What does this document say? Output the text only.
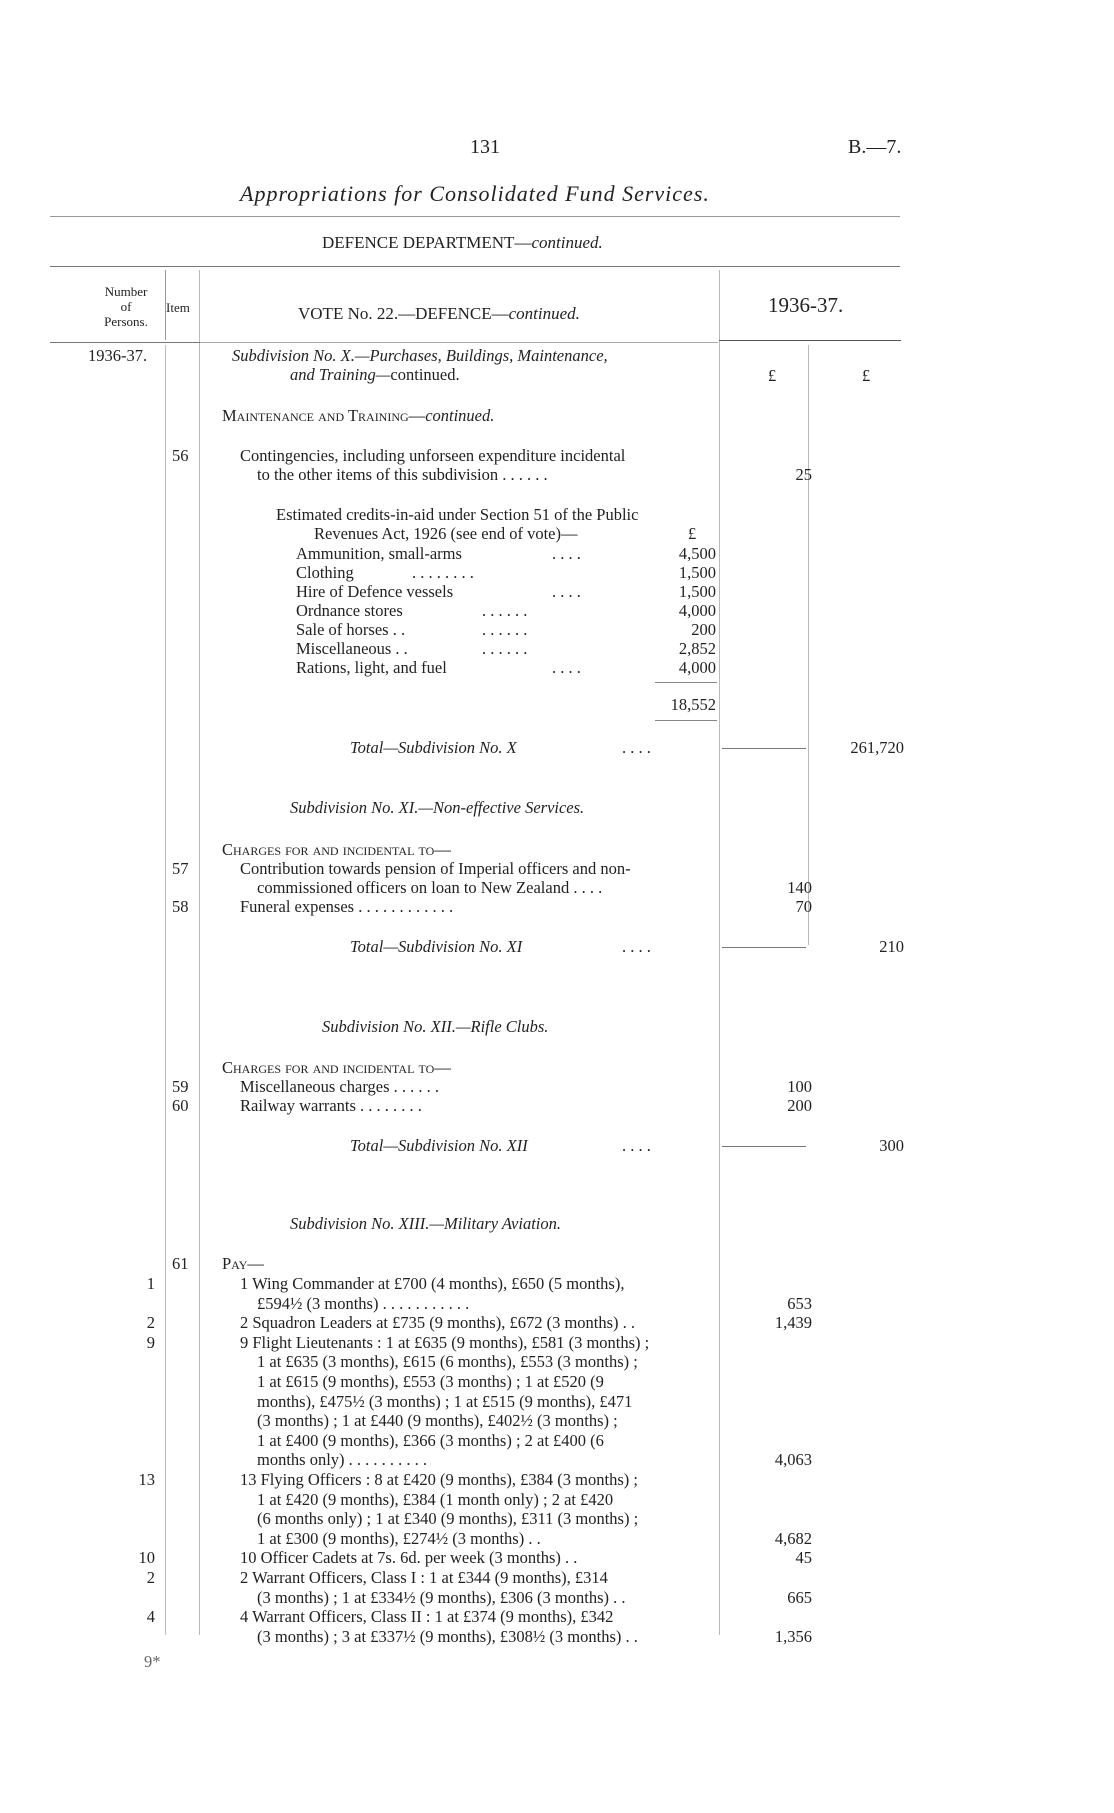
131	B.—7.
Appropriations for Consolidated Fund Services.
DEFENCE DEPARTMENT—continued.
Number
of
Persons.
Item	VOTE No. 22.—DEFENCE—continued.	1936-37.
1936-37.
£	£
Subdivision No. X.—Purchases, Buildings, Maintenance,
and Training—continued.
Maintenance and Training—continued.
56	Contingencies, including unforseen expenditure incidental
to the other items of this subdivision . . . . . .	25
Estimated credits-in-aid under Section 51 of the Public
Revenues Act, 1926 (see end of vote)—	£
Ammunition, small-arms	. . . .	4,500
Clothing	. . . . . . . .	1,500
Hire of Defence vessels	. . . .	1,500
Ordnance stores	. . . . . .	4,000
Sale of horses . .	. . . . . .	200
Miscellaneous . .	. . . . . .	2,852
Rations, light, and fuel	. . . .	4,000
18,552
Total—Subdivision No. X	. . . .	261,720
Subdivision No. XI.—Non-effective Services.
Charges for and incidental to—
57	Contribution towards pension of Imperial officers and non-
commissioned officers on loan to New Zealand . . . .	140
58	Funeral expenses . . . . . . . . . . . .	70
Total—Subdivision No. XI	. . . .	210
Subdivision No. XII.—Rifle Clubs.
Charges for and incidental to—
59	Miscellaneous charges . . . . . .	100
60	Railway warrants . . . . . . . .	200
Total—Subdivision No. XII	. . . .	300
Subdivision No. XIII.—Military Aviation.
61 Pay—
1	1 Wing Commander at £700 (4 months), £650 (5 months),
£594½ (3 months) . . . . . . . . . . .	653
2	2 Squadron Leaders at £735 (9 months), £672 (3 months) . .	1,439
9	9 Flight Lieutenants : 1 at £635 (9 months), £581 (3 months) ;
1 at £635 (3 months), £615 (6 months), £553 (3 months) ;
1 at £615 (9 months), £553 (3 months) ; 1 at £520 (9
months), £475½ (3 months) ; 1 at £515 (9 months), £471
(3 months) ; 1 at £440 (9 months), £402½ (3 months) ;
1 at £400 (9 months), £366 (3 months) ; 2 at £400 (6
months only) . . . . . . . . . .	4,063
13	13 Flying Officers : 8 at £420 (9 months), £384 (3 months) ;
1 at £420 (9 months), £384 (1 month only) ; 2 at £420
(6 months only) ; 1 at £340 (9 months), £311 (3 months) ;
1 at £300 (9 months), £274½ (3 months) . .	4,682
10	10 Officer Cadets at 7s. 6d. per week (3 months) . .	45
2	2 Warrant Officers, Class I : 1 at £344 (9 months), £314
(3 months) ; 1 at £334½ (9 months), £306 (3 months) . .	665
4	4 Warrant Officers, Class II : 1 at £374 (9 months), £342
(3 months) ; 3 at £337½ (9 months), £308½ (3 months) . .	1,356
9*
